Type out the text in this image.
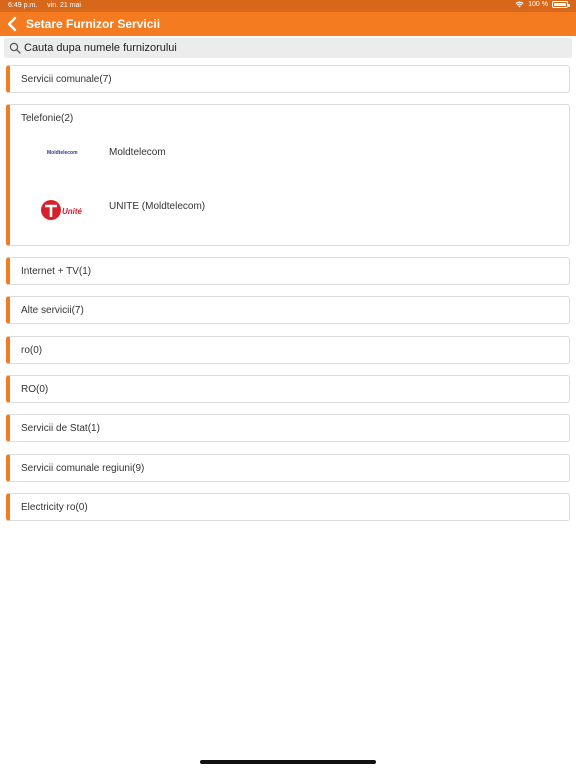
6:49 p.m. vin. 21 mai	100 %
Setare Furnizor Servicii
Cauta dupa numele furnizorului
Servicii comunale(7)
Telefonie(2)
Moldtelecom	Moldtelecom
Unité	UNITE (Moldtelecom)
Internet + TV(1)
Alte servicii(7)
ro(0)
RO(0)
Servicii de Stat(1)
Servicii comunale regiuni(9)
Electricity ro(0)
